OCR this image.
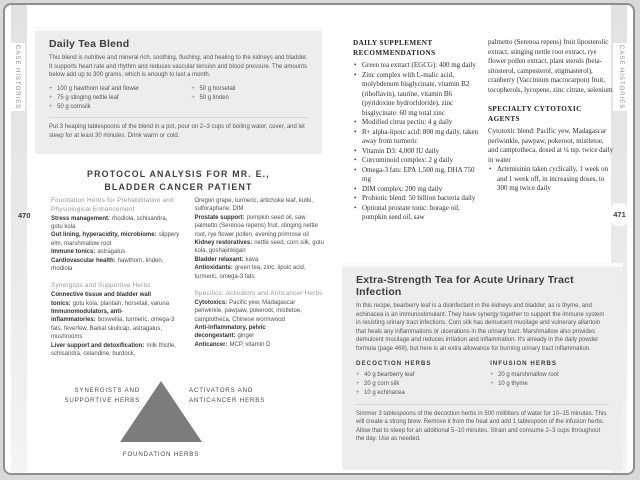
CASE HISTORIES	CASE HISTORIES
470	471
Daily Tea Blend

This blend is nutritive and mineral rich, soothing, flushing, and healing to the kidneys and bladder. It supports heart rate and rhythm and reduces vascular tension and blood pressure. The amounts below add up to 300 grams, which is enough to last a month.

+ 100 g hawthorn leaf and flower

+ 75 g stinging nettle leaf

+ 50 g cornsilk

+ 50 g horsetail

+ 50 g linden

Put 3 heaping tablespoons of the blend in a pot, pour on 2–3 cups of boiling water, cover, and let steep for at least 30 minutes. Drink warm or cold.
PROTOCOL ANALYSIS FOR MR. E.,
BLADDER CANCER PATIENT

Foundation Herbs for Prehabilitation and Physiological Enhancement

Stress management: rhodiola, schisandra, gotu kola

Gut lining, hyperacidity, microbiome: slippery elm, marshmallow root

Immune tonics: astragalus

Cardiovascular health: hawthorn, linden, rhodiola

Synergists and Supportive Herbs

Connective tissue and bladder wall tonics: gotu kola, plantain, horsetail, varuna

Immunomodulators, anti-inflammatories: boswellia, turmeric, omega-3 fats, feverfew, Baikal skullcap, astragalus, mushrooms

Liver support and detoxification: milk thistle, schisandra, celandine, burdock,

Oregon grape, turmeric, artichoke leaf, kutki, sulforaphane, DIM

Prostate support: pumpkin seed oil, saw palmetto (Serenoa repens) fruit, stinging nettle root, rye flower pollen, evening primrose oil

Kidney restoratives: nettle seed, corn silk, gotu kola, goshajinkigan

Bladder relaxant: kava

Antioxidants: green tea, zinc, lipoic acid, turmeric, omega-3 fats

Specifics: Activators and Anticancer Herbs

Cytotoxics: Pacific yew, Madagascar periwinkle, pawpaw, pokeroot, mistletoe, camptotheca, Chinese wormwood

Anti-inflammatory, pelvic decongestant: ginger

Anticancer: MCP, vitamin D

SYNERGISTS AND SUPPORTIVE HERBS
ACTIVATORS AND ANTICANCER HERBS
FOUNDATION HERBS
DAILY SUPPLEMENT RECOMMENDATIONS

• Green tea extract (EGCG): 400 mg daily

• Zinc complex with L-malic acid, molybdenum bisglycinate, vitamin B2 (riboflavin), taurine, vitamin B6 (pyridoxine hydrochloride), zinc bisglycinate: 60 mg total zinc

• Modified citrus pectin: 4 g daily

• R+ alpha-lipoic acid: 800 mg daily, taken away from turmeric

• Vitamin D3: 4,000 IU daily

• Curcuminoid complex: 2 g daily

• Omega-3 fats: EPA 1,500 mg, DHA 750 mg

• DIM complex: 200 mg daily

• Probiotic blend: 50 billion bacteria daily

• Optional prostate tonic: borage oil, pumpkin seed oil, saw

palmetto (Serenoa repens) fruit liposterolic extract, stinging nettle root extract, rye flower pollen extract, plant sterols (beta-sitosterol, campesterol, stigmasterol), cranberry (Vaccinium macrocarpon) fruit, tocopherols, lycopene, zinc citrate, selenium

SPECIALTY CYTOTOXIC AGENTS

Cytotoxic blend: Pacific yew, Madagascar periwinkle, pawpaw, pokeroot, mistletoe, and camptotheca, dosed at ¼ tsp. twice daily in water

• Artemisinin taken cyclically, 1 week on and 1 week off, in increasing doses, to 300 mg twice daily

Extra-Strength Tea for Acute Urinary Tract Infection

In this recipe, bearberry leaf is a disinfectant in the kidneys and bladder, as is thyme, and echinacea is an immunostimulant. They have synergy together to support the immune system in resisting urinary tract infections. Corn silk has demulcent mucilage and vulnerary allantoin that heals any inflammations or ulcerations in the urinary tract. Marshmallow also provides demulcent mucilage and reduces irritation and inflammation. It's already in the daily powder formula (page 469), but here is an extra allowance for burning urinary tract inflammation.

DECOCTION HERBS

+ 40 g bearberry leaf

+ 20 g corn silk

+ 10 g echinacea

INFUSION HERBS

+ 20 g marshmallow root

+ 10 g thyme

Simmer 3 tablespoons of the decoction herbs in 500 milliliters of water for 10–15 minutes. This will create a strong brew. Remove it from the heat and add 1 tablespoon of the infusion herbs. Allow that to steep for an additional 5–10 minutes. Strain and consume 2–3 cups throughout the day. Use as needed.
